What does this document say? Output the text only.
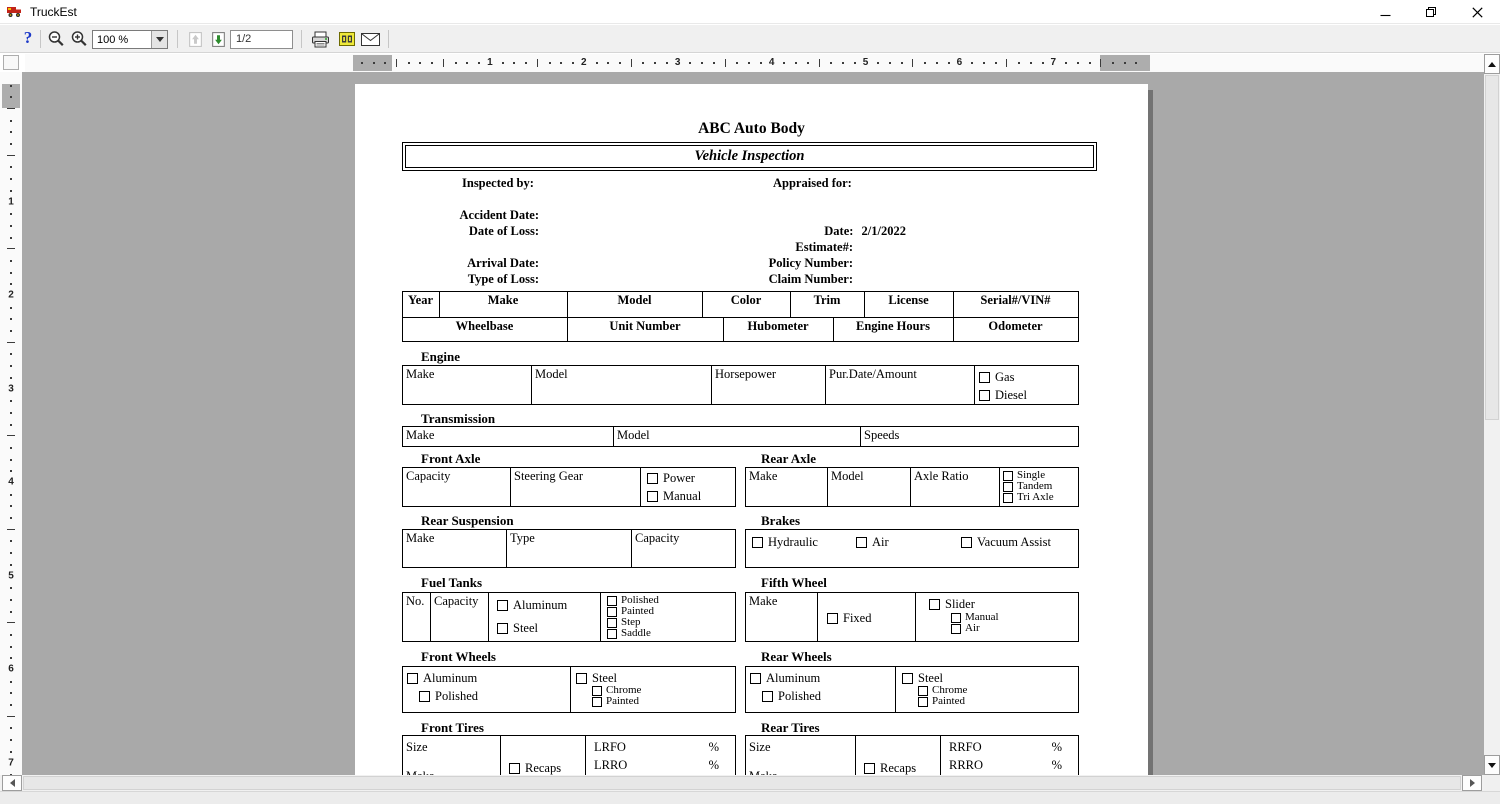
TruckEst
?	100 %	1/2
1	2	3	4	5	6	7
1
2
3
4
5
6
7
ABC Auto Body
Vehicle Inspection
Inspected by:	Appraised for:
Accident Date:
Date of Loss:
Arrival Date:
Type of Loss:
Date: 2/1/2022
Estimate#:
Policy Number:
Claim Number:
Year	Make	Model	Color	Trim	License	Serial#/VIN#
Wheelbase	Unit Number	Hubometer	Engine Hours	Odometer
Engine
Make	Model	Horsepower	Pur.Date/Amount	Gas
Diesel
Transmission
Make	Model	Speeds
Front Axle	Rear Axle
Capacity	Steering Gear	Power
Manual
Make	Model	Axle Ratio	Single
Tandem
Tri Axle
Rear Suspension	Brakes
Make	Type	Capacity	Hydraulic	Air	Vacuum Assist
Fuel Tanks	Fifth Wheel
No.	Capacity	Aluminum
Steel

Polished
Painted
Step
Saddle
Make	
Fixed

Slider
Manual
Air
Front Wheels	Rear Wheels
Aluminum
Polished

Steel
Chrome
Painted
Aluminum
Polished

Steel
Chrome
Painted
Front Tires	Rear Tires
Size

Recaps

LRFO	%
LRRO	%
Size

Recaps

RRFO	%
RRRO	%
